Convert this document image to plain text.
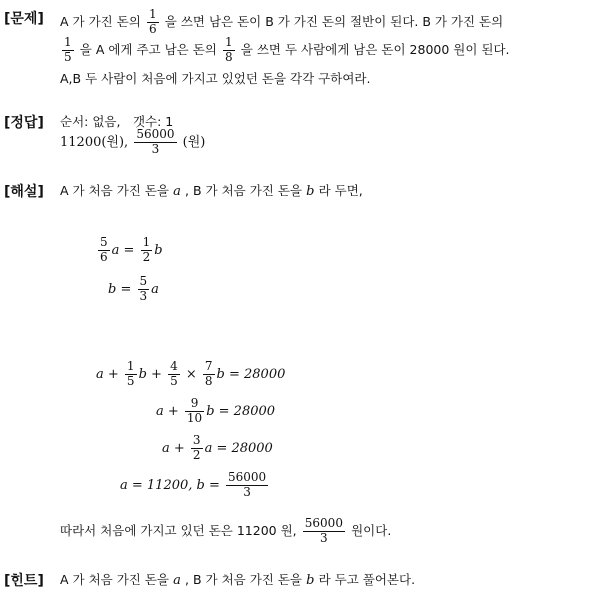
[문제] A 가 가진 돈의 $\frac{1}{6}$ 을 쓰면 남은 돈이 B 가 가진 돈의 절반이 된다. B 가 가진 돈의
$\frac{1}{5}$ 을 A 에게 주고 남은 돈의 $\frac{1}{8}$ 을 쓰면 두 사람에게 남은 돈이 28000 원이 된다.
A,B 두 사람이 처음에 가지고 있었던 돈을 각각 구하여라.
[정답] 순서: 없음,　갯수: 1
11200(원), $\frac{56000}{3}$ (원)
[해설] A 가 처음 가진 돈을 a , B 가 처음 가진 돈을 b 라 두면,
$\frac{5}{6}$ $a = \frac{1}{2}$ b
$b = \frac{5}{3}$ a
$a + \frac{1}{5}$ $b + \frac{4}{5} \times \frac{7}{8}$ b = 28000
$a + \frac{9}{10}$ b = 28000
$a + \frac{3}{2}$ a = 28000
a = 11200, $b = \frac{56000}{3}$
따라서 처음에 가지고 있던 돈은 11200 원, $\frac{56000}{3}$ 원이다.
[힌트] A 가 처음 가진 돈을 a , B 가 처음 가진 돈을 b 라 두고 풀어본다.
